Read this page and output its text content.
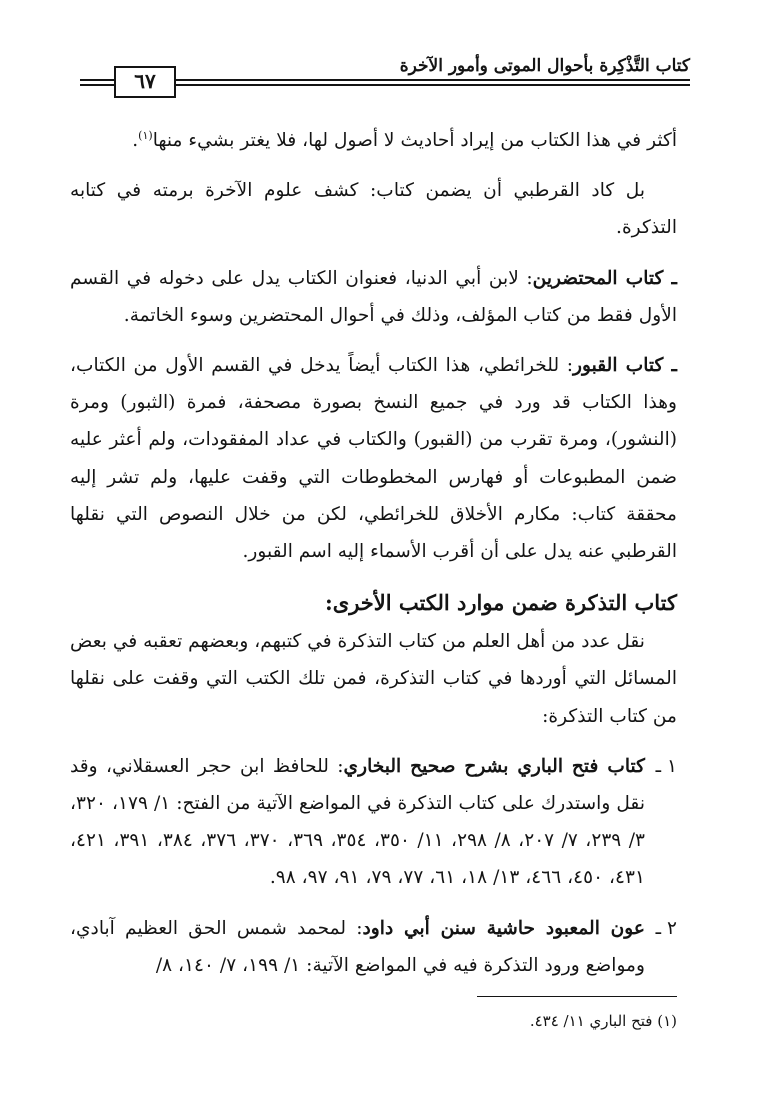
كتاب التَّذْكِرة بأحوال الموتى وأمور الآخرة
٦٧

أكثر في هذا الكتاب من إيراد أحاديث لا أصول لها، فلا يغتر بشيء منها$^{(١)}$.

بل كاد القرطبي أن يضمن كتاب: كشف علوم الآخرة برمته في كتابه التذكرة.

ـ كتاب المحتضرين: لابن أبي الدنيا، فعنوان الكتاب يدل على دخوله في القسم الأول فقط من كتاب المؤلف، وذلك في أحوال المحتضرين وسوء الخاتمة.

ـ كتاب القبور: للخرائطي، هذا الكتاب أيضاً يدخل في القسم الأول من الكتاب، وهذا الكتاب قد ورد في جميع النسخ بصورة مصحفة، فمرة (الثبور) ومرة (النشور)، ومرة تقرب من (القبور) والكتاب في عداد المفقودات، ولم أعثر عليه ضمن المطبوعات أو فهارس المخطوطات التي وقفت عليها، ولم تشر إليه محققة كتاب: مكارم الأخلاق للخرائطي، لكن من خلال النصوص التي نقلها القرطبي عنه يدل على أن أقرب الأسماء إليه اسم القبور.

كتاب التذكرة ضمن موارد الكتب الأخرى:

نقل عدد من أهل العلم من كتاب التذكرة في كتبهم، وبعضهم تعقبه في بعض المسائل التي أوردها في كتاب التذكرة، فمن تلك الكتب التي وقفت على نقلها من كتاب التذكرة:

١ ـ
كتاب فتح الباري بشرح صحيح البخاري: للحافظ ابن حجر العسقلاني، وقد نقل واستدرك على كتاب التذكرة في المواضع الآتية من الفتح: ١/ ١٧٩، ٣٢٠، ٣/ ٢٣٩، ٧/ ٢٠٧، ٨/ ٢٩٨، ١١/ ٣٥٠، ٣٥٤، ٣٦٩، ٣٧٠، ٣٧٦، ٣٨٤، ٣٩١، ٤٢١، ٤٣١، ٤٥٠، ٤٦٦، ١٣/ ١٨، ٦١، ٧٧، ٧٩، ٩١، ٩٧، ٩٨.
٢ ـ
عون المعبود حاشية سنن أبي داود: لمحمد شمس الحق العظيم آبادي، ومواضع ورود التذكرة فيه في المواضع الآتية: ١/ ١٩٩، ٧/ ١٤٠، ٨/
(١) فتح الباري ١١/ ٤٣٤.
